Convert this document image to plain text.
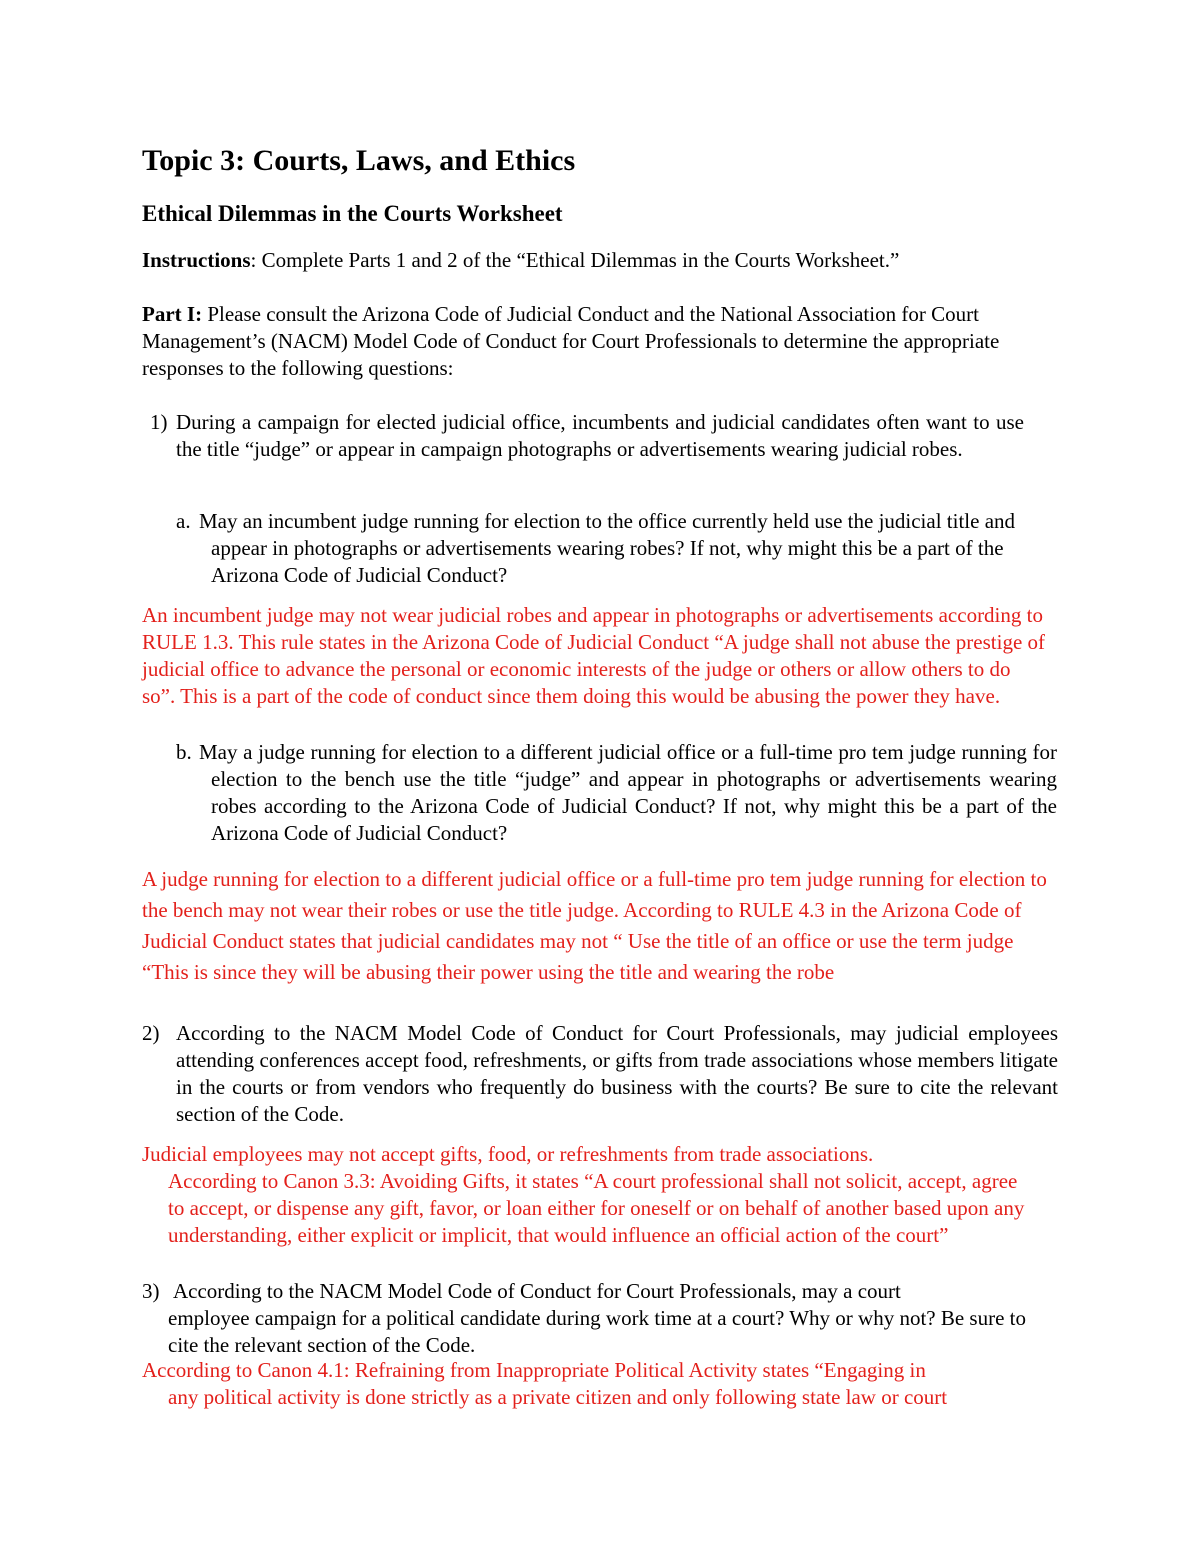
Topic 3: Courts, Laws, and Ethics
Ethical Dilemmas in the Courts Worksheet

Instructions: Complete Parts 1 and 2 of the “Ethical Dilemmas in the Courts Worksheet.”

Part I: Please consult the Arizona Code of Judicial Conduct and the National Association for Court Management’s (NACM) Model Code of Conduct for Court Professionals to determine the appropriate responses to the following questions:

1) During a campaign for elected judicial office, incumbents and judicial candidates often want to use the title “judge” or appear in campaign photographs or advertisements wearing judicial robes.

a. May an incumbent judge running for election to the office currently held use the judicial title and appear in photographs or advertisements wearing robes? If not, why might this be a part of the Arizona Code of Judicial Conduct?

An incumbent judge may not wear judicial robes and appear in photographs or advertisements according to RULE 1.3. This rule states in the Arizona Code of Judicial Conduct “A judge shall not abuse the prestige of judicial office to advance the personal or economic interests of the judge or others or allow others to do so”. This is a part of the code of conduct since them doing this would be abusing the power they have.

b. May a judge running for election to a different judicial office or a full-time pro tem judge running for election to the bench use the title “judge” and appear in photographs or advertisements wearing robes according to the Arizona Code of Judicial Conduct? If not, why might this be a part of the Arizona Code of Judicial Conduct?

A judge running for election to a different judicial office or a full-time pro tem judge running for election to the bench may not wear their robes or use the title judge. According to RULE 4.3 in the Arizona Code of Judicial Conduct states that judicial candidates may not “ Use the title of an office or use the term judge “This is since they will be abusing their power using the title and wearing the robe

2) According to the NACM Model Code of Conduct for Court Professionals, may judicial employees attending conferences accept food, refreshments, or gifts from trade associations whose members litigate in the courts or from vendors who frequently do business with the courts? Be sure to cite the relevant section of the Code.

Judicial employees may not accept gifts, food, or refreshments from trade associations.

According to Canon 3.3: Avoiding Gifts, it states “A court professional shall not solicit, accept, agree to accept, or dispense any gift, favor, or loan either for oneself or on behalf of another based upon any understanding, either explicit or implicit, that would influence an official action of the court”

3) According to the NACM Model Code of Conduct for Court Professionals, may a court

employee campaign for a political candidate during work time at a court? Why or why not? Be sure to cite the relevant section of the Code.

According to Canon 4.1: Refraining from Inappropriate Political Activity states “Engaging in

any political activity is done strictly as a private citizen and only following state law or court
